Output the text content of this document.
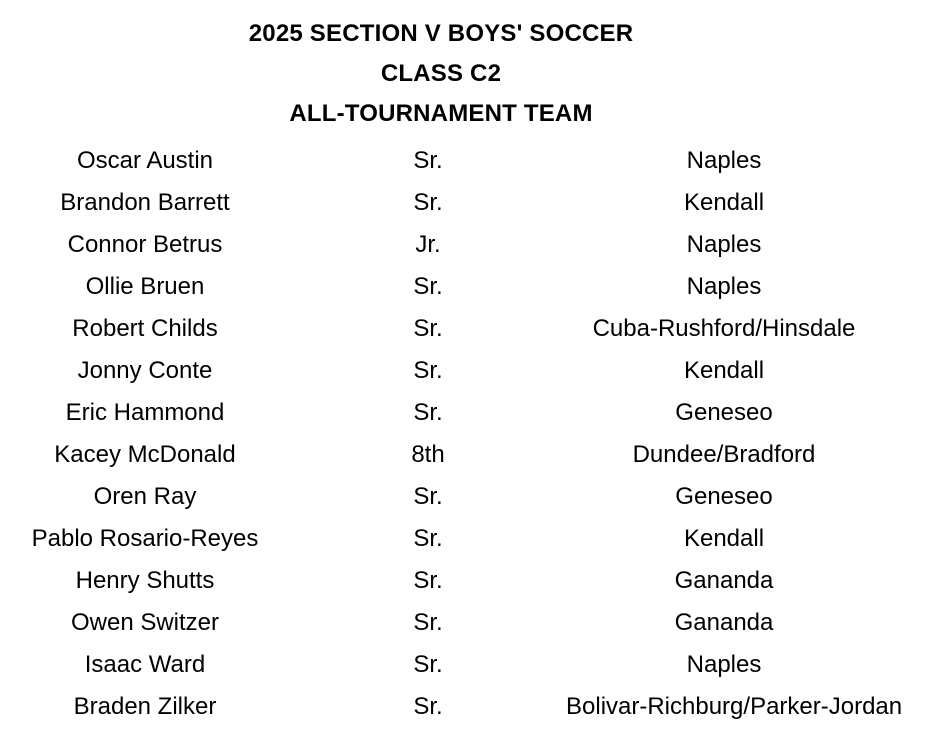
2025 SECTION V BOYS' SOCCER

CLASS C2

ALL-TOURNAMENT TEAM

Oscar Austin	Sr.	Naples
Brandon Barrett	Sr.	Kendall
Connor Betrus	Jr.	Naples
Ollie Bruen	Sr.	Naples
Robert Childs	Sr.	Cuba-Rushford/Hinsdale
Jonny Conte	Sr.	Kendall
Eric Hammond	Sr.	Geneseo
Kacey McDonald	8th	Dundee/Bradford
Oren Ray	Sr.	Geneseo
Pablo Rosario-Reyes	Sr.	Kendall
Henry Shutts	Sr.	Gananda
Owen Switzer	Sr.	Gananda
Isaac Ward	Sr.	Naples
Braden Zilker	Sr.	Bolivar-Richburg/Parker-Jordan
